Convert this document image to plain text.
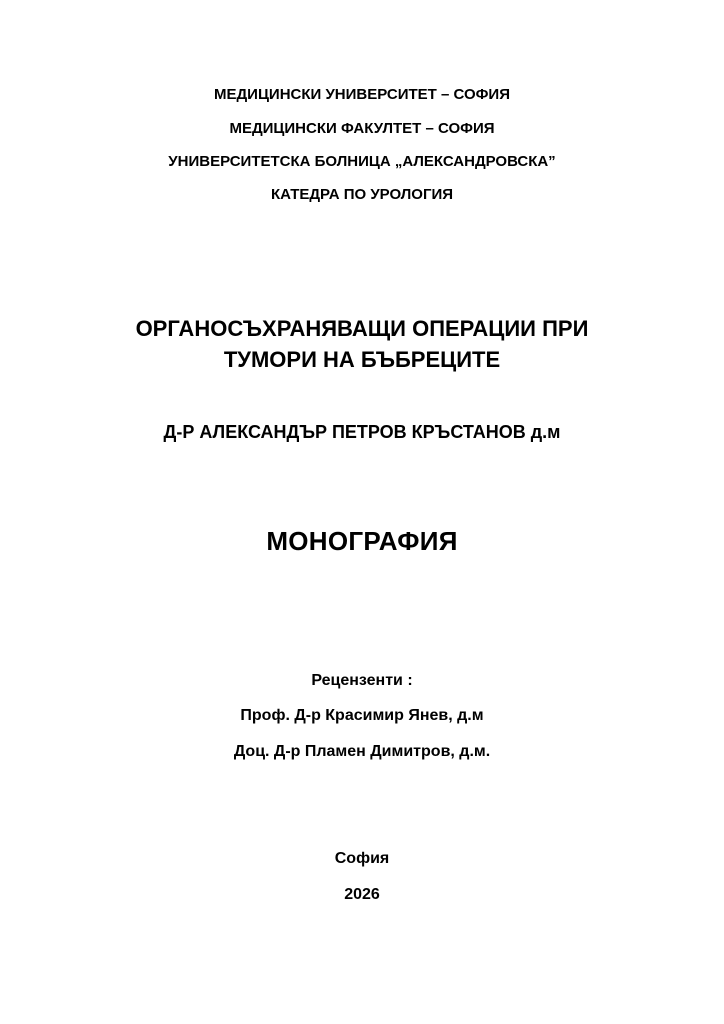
МЕДИЦИНСКИ УНИВЕРСИТЕТ – СОФИЯ
МЕДИЦИНСКИ ФАКУЛТЕТ – СОФИЯ
УНИВЕРСИТЕТСКА БОЛНИЦА „АЛЕКСАНДРОВСКА”
КАТЕДРА ПО УРОЛОГИЯ
ОРГАНОСЪХРАНЯВАЩИ ОПЕРАЦИИ ПРИ
ТУМОРИ НА БЪБРЕЦИТЕ
Д-Р АЛЕКСАНДЪР ПЕТРОВ КРЪСТАНОВ д.м
МОНОГРАФИЯ
Рецензенти :
Проф. Д-р Красимир Янев, д.м
Доц. Д-р Пламен Димитров, д.м.
София
2026
